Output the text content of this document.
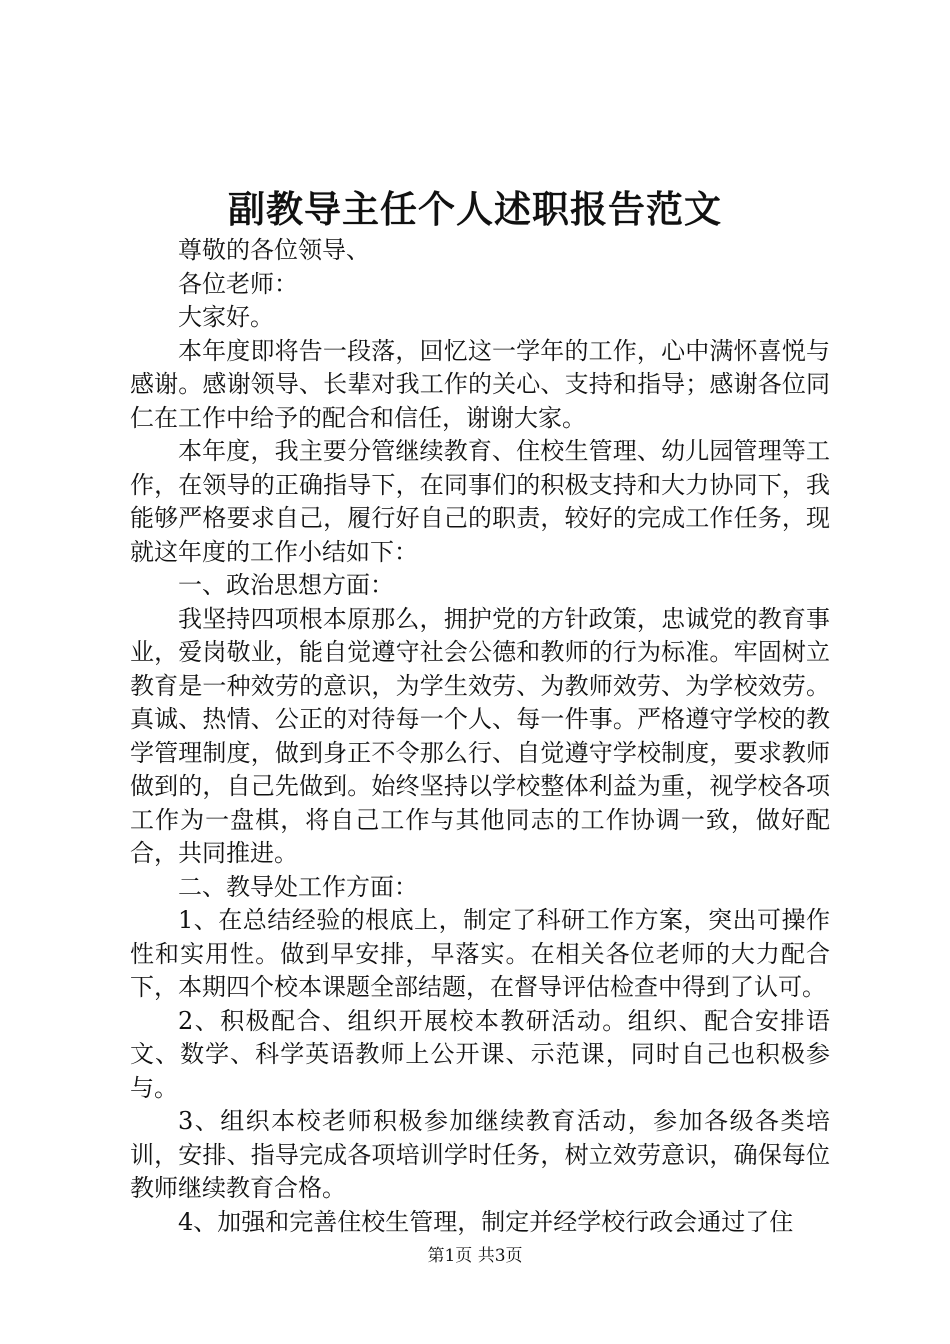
副教导主任个人述职报告范文

尊敬的各位领导、

各位老师：

大家好。

本年度即将告一段落，回忆这一学年的工作，心中满怀喜悦与感谢。感谢领导、长辈对我工作的关心、支持和指导；感谢各位同仁在工作中给予的配合和信任，谢谢大家。

本年度，我主要分管继续教育、住校生管理、幼儿园管理等工作，在领导的正确指导下，在同事们的积极支持和大力协同下，我能够严格要求自己，履行好自己的职责，较好的完成工作任务，现就这年度的工作小结如下：

一、政治思想方面：

我坚持四项根本原那么，拥护党的方针政策，忠诚党的教育事业，爱岗敬业，能自觉遵守社会公德和教师的行为标准。牢固树立教育是一种效劳的意识，为学生效劳、为教师效劳、为学校效劳。真诚、热情、公正的对待每一个人、每一件事。严格遵守学校的教学管理制度，做到身正不令那么行、自觉遵守学校制度，要求教师做到的，自己先做到。始终坚持以学校整体利益为重，视学校各项工作为一盘棋，将自己工作与其他同志的工作协调一致，做好配合，共同推进。

二、教导处工作方面：

1、在总结经验的根底上，制定了科研工作方案，突出可操作性和实用性。做到早安排，早落实。在相关各位老师的大力配合下，本期四个校本课题全部结题，在督导评估检查中得到了认可。

2、积极配合、组织开展校本教研活动。组织、配合安排语文、数学、科学英语教师上公开课、示范课，同时自己也积极参与。

3、组织本校老师积极参加继续教育活动，参加各级各类培训，安排、指导完成各项培训学时任务，树立效劳意识，确保每位教师继续教育合格。

4、加强和完善住校生管理，制定并经学校行政会通过了住

第1页 共3页
